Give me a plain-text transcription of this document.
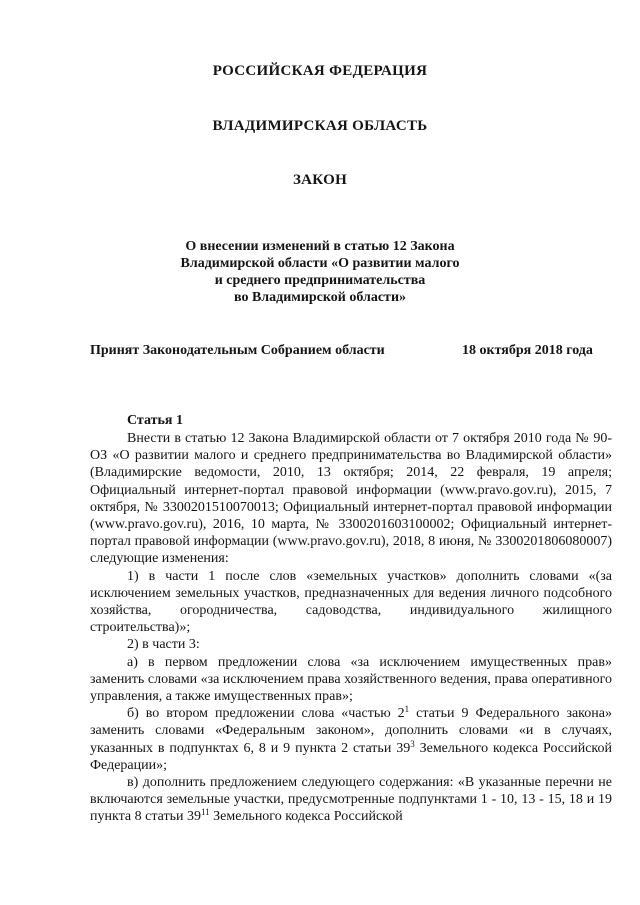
РОССИЙСКАЯ ФЕДЕРАЦИЯ
ВЛАДИМИРСКАЯ ОБЛАСТЬ
ЗАКОН
О внесении изменений в статью 12 Закона
Владимирской области «О развитии малого
и среднего предпринимательства
во Владимирской области»
Принят Законодательным Собранием области	18 октября 2018 года
Статья 1

Внести в статью 12 Закона Владимирской области от 7 октября 2010 года № 90-ОЗ «О развитии малого и среднего предпринимательства во Владимирской области» (Владимирские ведомости, 2010, 13 октября; 2014, 22 февраля, 19 апреля; Официальный интернет-портал правовой информации (www.pravo.gov.ru), 2015, 7 октября, № 3300201510070013; Официальный интернет-портал правовой информации (www.pravo.gov.ru), 2016, 10 марта, № 3300201603100002; Официальный интернет-портал правовой информации (www.pravo.gov.ru), 2018, 8 июня, № 3300201806080007) следующие изменения:

1) в части 1 после слов «земельных участков» дополнить словами «(за исключением земельных участков, предназначенных для ведения личного подсобного хозяйства, огородничества, садоводства, индивидуального жилищного строительства)»;

2) в части 3:

а) в первом предложении слова «за исключением имущественных прав» заменить словами «за исключением права хозяйственного ведения, права оперативного управления, а также имущественных прав»;

б) во втором предложении слова «частью $2^1$ статьи 9 Федерального закона» заменить словами «Федеральным законом», дополнить словами «и в случаях, указанных в подпунктах 6, 8 и 9 пункта 2 статьи $39^3$ Земельного кодекса Российской Федерации»;

в) дополнить предложением следующего содержания: «В указанные перечни не включаются земельные участки, предусмотренные подпунктами 1 - 10, 13 - 15, 18 и 19 пункта 8 статьи $39^{11}$ Земельного кодекса Российской
